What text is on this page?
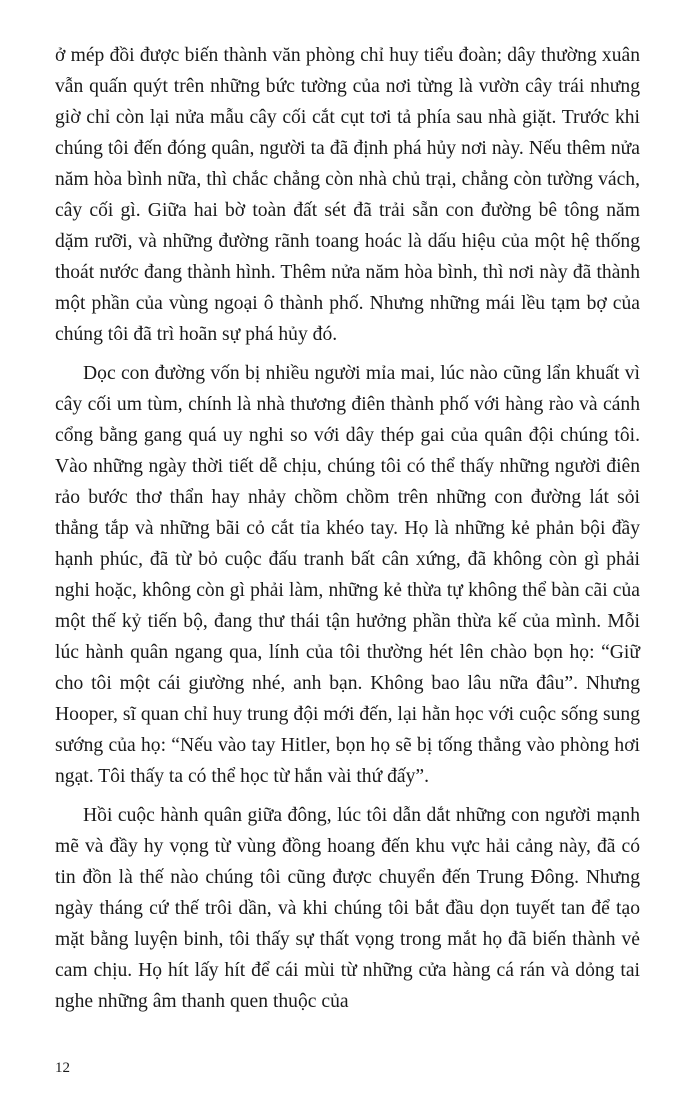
ở mép đồi được biến thành văn phòng chỉ huy tiểu đoàn; dây thường xuân vẫn quấn quýt trên những bức tường của nơi từng là vườn cây trái nhưng giờ chỉ còn lại nửa mẫu cây cối cắt cụt tơi tả phía sau nhà giặt. Trước khi chúng tôi đến đóng quân, người ta đã định phá hủy nơi này. Nếu thêm nửa năm hòa bình nữa, thì chắc chẳng còn nhà chủ trại, chẳng còn tường vách, cây cối gì. Giữa hai bờ toàn đất sét đã trải sẵn con đường bê tông năm dặm rưỡi, và những đường rãnh toang hoác là dấu hiệu của một hệ thống thoát nước đang thành hình. Thêm nửa năm hòa bình, thì nơi này đã thành một phần của vùng ngoại ô thành phố. Nhưng những mái lều tạm bợ của chúng tôi đã trì hoãn sự phá hủy đó.

Dọc con đường vốn bị nhiều người mỉa mai, lúc nào cũng lẩn khuất vì cây cối um tùm, chính là nhà thương điên thành phố với hàng rào và cánh cổng bằng gang quá uy nghi so với dây thép gai của quân đội chúng tôi. Vào những ngày thời tiết dễ chịu, chúng tôi có thể thấy những người điên rảo bước thơ thẩn hay nhảy chồm chồm trên những con đường lát sỏi thẳng tắp và những bãi cỏ cắt tỉa khéo tay. Họ là những kẻ phản bội đầy hạnh phúc, đã từ bỏ cuộc đấu tranh bất cân xứng, đã không còn gì phải nghi hoặc, không còn gì phải làm, những kẻ thừa tự không thể bàn cãi của một thế kỷ tiến bộ, đang thư thái tận hưởng phần thừa kế của mình. Mỗi lúc hành quân ngang qua, lính của tôi thường hét lên chào bọn họ: “Giữ cho tôi một cái giường nhé, anh bạn. Không bao lâu nữa đâu”. Nhưng Hooper, sĩ quan chỉ huy trung đội mới đến, lại hằn học với cuộc sống sung sướng của họ: “Nếu vào tay Hitler, bọn họ sẽ bị tống thẳng vào phòng hơi ngạt. Tôi thấy ta có thể học từ hắn vài thứ đấy”.

Hồi cuộc hành quân giữa đông, lúc tôi dẫn dắt những con người mạnh mẽ và đầy hy vọng từ vùng đồng hoang đến khu vực hải cảng này, đã có tin đồn là thế nào chúng tôi cũng được chuyển đến Trung Đông. Nhưng ngày tháng cứ thế trôi dần, và khi chúng tôi bắt đầu dọn tuyết tan để tạo mặt bằng luyện binh, tôi thấy sự thất vọng trong mắt họ đã biến thành vẻ cam chịu. Họ hít lấy hít để cái mùi từ những cửa hàng cá rán và dỏng tai nghe những âm thanh quen thuộc của

12
